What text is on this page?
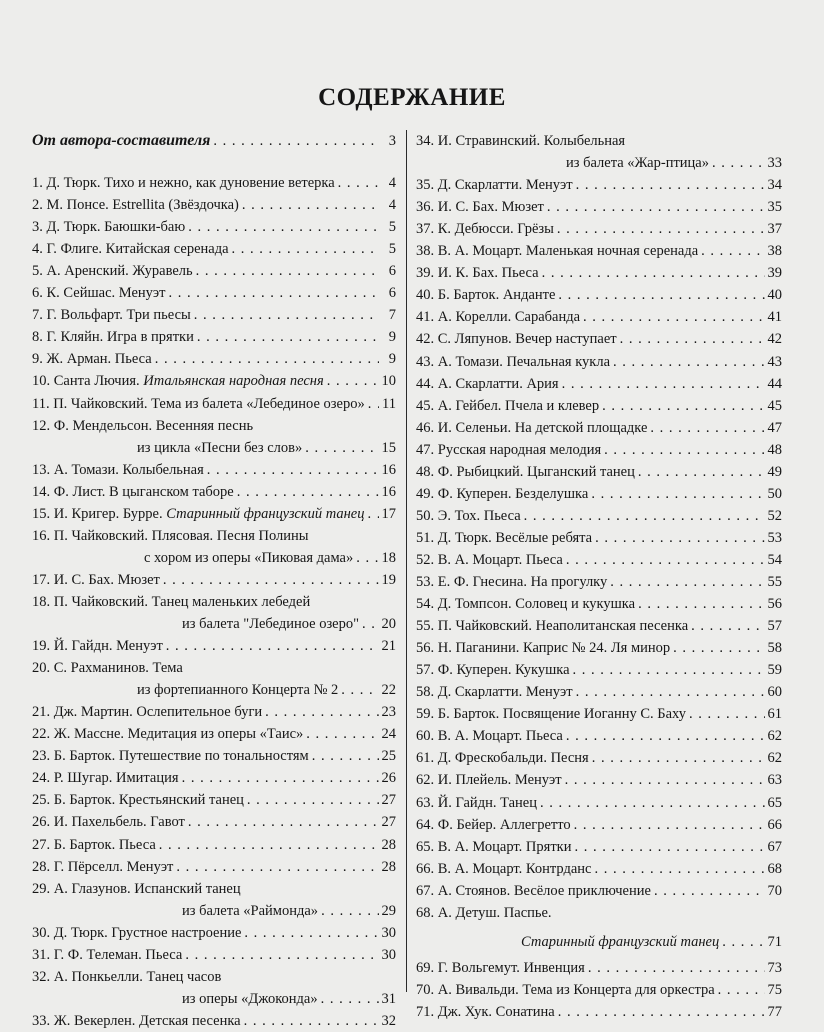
СОДЕРЖАНИЕ
От автора-составителя . . .	3
1. Д. Тюрк. Тихо и нежно, как дуновение ветерка . . .	4
2. М. Понсе. Estrellita (Звёздочка) . . .	4
3. Д. Тюрк. Баюшки-баю . . .	5
4. Г. Флиге. Китайская серенада . . .	5
5. А. Аренский. Журавель . . .	6
6. К. Сейшас. Менуэт . . .	6
7. Г. Вольфарт. Три пьесы . . .	7
8. Г. Кляйн. Игра в прятки . . .	9
9. Ж. Арман. Пьеса . . .	9
10. Санта Лючия. Итальянская народная песня . . .	10
11. П. Чайковский. Тема из балета «Лебединое озеро» . . . 11
12. Ф. Мендельсон. Весенняя песнь
из цикла «Песни без слов» . . .	15
13. А. Томази. Колыбельная . . .	16
14. Ф. Лист. В цыганском таборе . . .	16
15. И. Кригер. Бурре. Старинный французский танец . . . 17
16. П. Чайковский. Плясовая. Песня Полины
с хором из оперы «Пиковая дама» . . . 18
17. И. С. Бах. Мюзет . . .	19
18. П. Чайковский. Танец маленьких лебедей
из балета "Лебединое озеро" . . . 20
19. Й. Гайдн. Менуэт . . .	21
20. С. Рахманинов. Тема
из фортепианного Концерта № 2 . . .	22
21. Дж. Мартин. Ослепительное буги . . .	23
22. Ж. Массне. Медитация из оперы «Таис» . . .	24
23. Б. Барток. Путешествие по тональностям . . .	25
24. Р. Шугар. Имитация . . .	26
25. Б. Барток. Крестьянский танец . . .	27
26. И. Пахельбель. Гавот . . .	27
27. Б. Барток. Пьеса . . .	28
28. Г. Пёрселл. Менуэт . . .	28
29. А. Глазунов. Испанский танец
из балета «Раймонда» . . .	29
30. Д. Тюрк. Грустное настроение . . .	30
31. Г. Ф. Телеман. Пьеса . . .	30
32. А. Понкьелли. Танец часов
из оперы «Джоконда» . . .	31
33. Ж. Векерлен. Детская песенка . . .	32
34. И. Стравинский. Колыбельная
из балета «Жар-птица» . . .	33
35. Д. Скарлатти. Менуэт . . .	34
36. И. С. Бах. Мюзет . . .	35
37. К. Дебюсси. Грёзы . . .	37
38. В. А. Моцарт. Маленькая ночная серенада . . .	38
39. И. К. Бах. Пьеса . . .	39
40. Б. Барток. Анданте . . .	40
41. А. Корелли. Сарабанда . . .	41
42. С. Ляпунов. Вечер наступает . . .	42
43. А. Томази. Печальная кукла . . .	43
44. А. Скарлатти. Ария . . .	44
45. А. Гейбел. Пчела и клевер . . .	45
46. И. Селеньи. На детской площадке . . .	47
47. Русская народная мелодия . . .	48
48. Ф. Рыбицкий. Цыганский танец . . .	49
49. Ф. Куперен. Безделушка . . .	50
50. Э. Тох. Пьеса . . .	52
51. Д. Тюрк. Весёлые ребята . . .	53
52. В. А. Моцарт. Пьеса . . .	54
53. Е. Ф. Гнесина. На прогулку . . .	55
54. Д. Томпсон. Соловец и кукушка . . .	56
55. П. Чайковский. Неаполитанская песенка . . .	57
56. Н. Паганини. Каприс № 24. Ля минор . . .	58
57. Ф. Куперен. Кукушка . . .	59
58. Д. Скарлатти. Менуэт . . .	60
59. Б. Барток. Посвящение Иоганну С. Баху . . .	61
60. В. А. Моцарт. Пьеса . . .	62
61. Д. Фрескобальди. Песня . . .	62
62. И. Плейель. Менуэт . . .	63
63. Й. Гайдн. Танец . . .	65
64. Ф. Бейер. Аллегретто . . .	66
65. В. А. Моцарт. Прятки . . .	67
66. В. А. Моцарт. Контрданс . . .	68
67. А. Стоянов. Весёлое приключение . . .	70
68. А. Детуш. Паспье.
Старинный французский танец . . .	71
69. Г. Вольгемут. Инвенция . . .	73
70. А. Вивальди. Тема из Концерта для оркестра . . .	75
71. Дж. Хук. Сонатина . . .	77
